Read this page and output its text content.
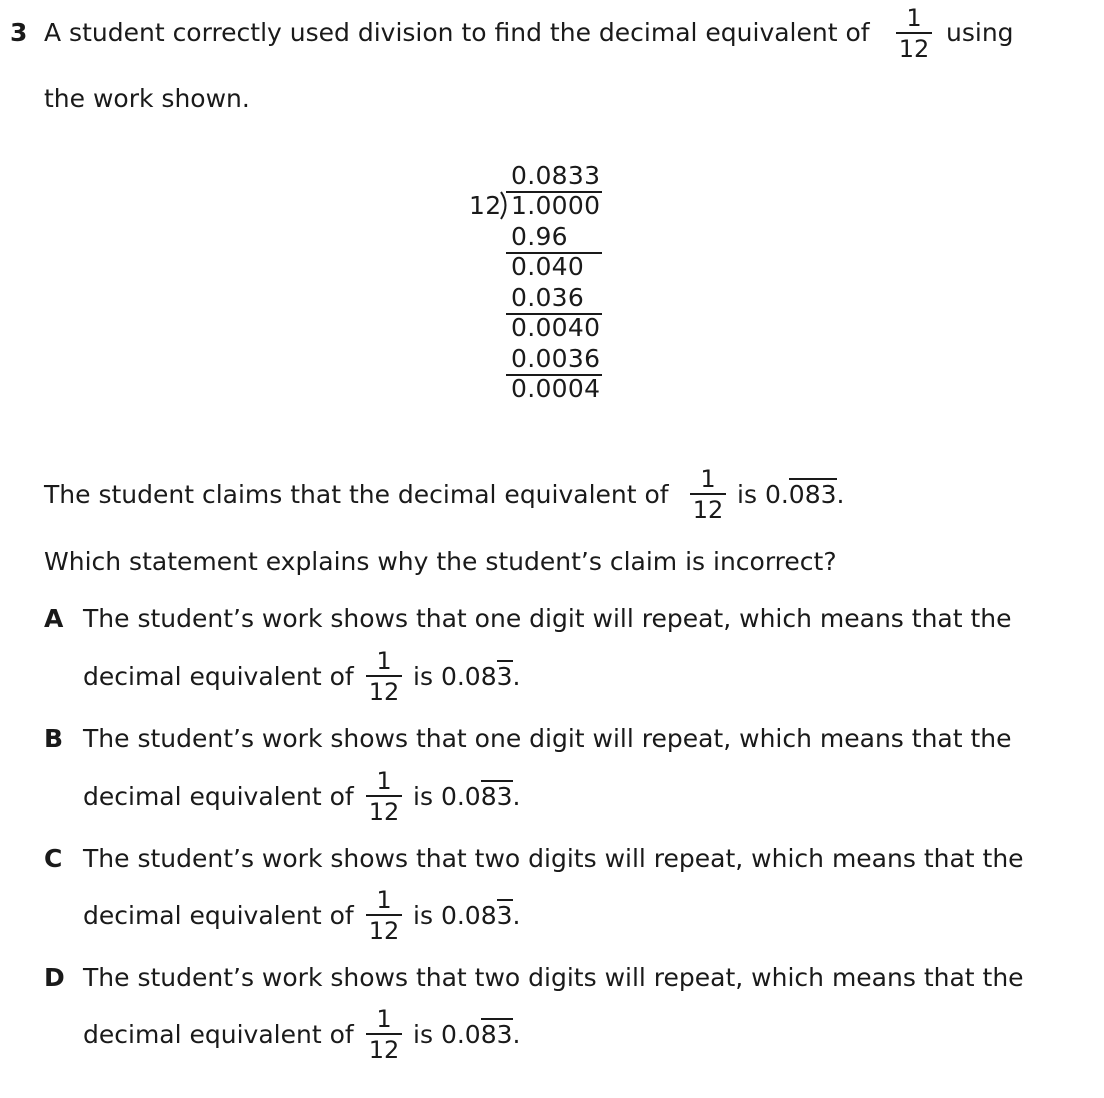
3 A student correctly used division to find the decimal equivalent of	1
12
using
the work shown.
0.0833
12 1.0000
0.96
0.040
0.036
0.0040
0.0036
0.0004
The student claims that the decimal equivalent of
1
12
is 0.083.
Which statement explains why the student’s claim is incorrect?
A The student’s work shows that one digit will repeat, which means that the
decimal equivalent of
1
12
is 0.083.
B The student’s work shows that one digit will repeat, which means that the
decimal equivalent of
1
12
is 0.083.
C The student’s work shows that two digits will repeat, which means that the
decimal equivalent of
1
12
is 0.083.
D The student’s work shows that two digits will repeat, which means that the
decimal equivalent of
1
12
is 0.083.
